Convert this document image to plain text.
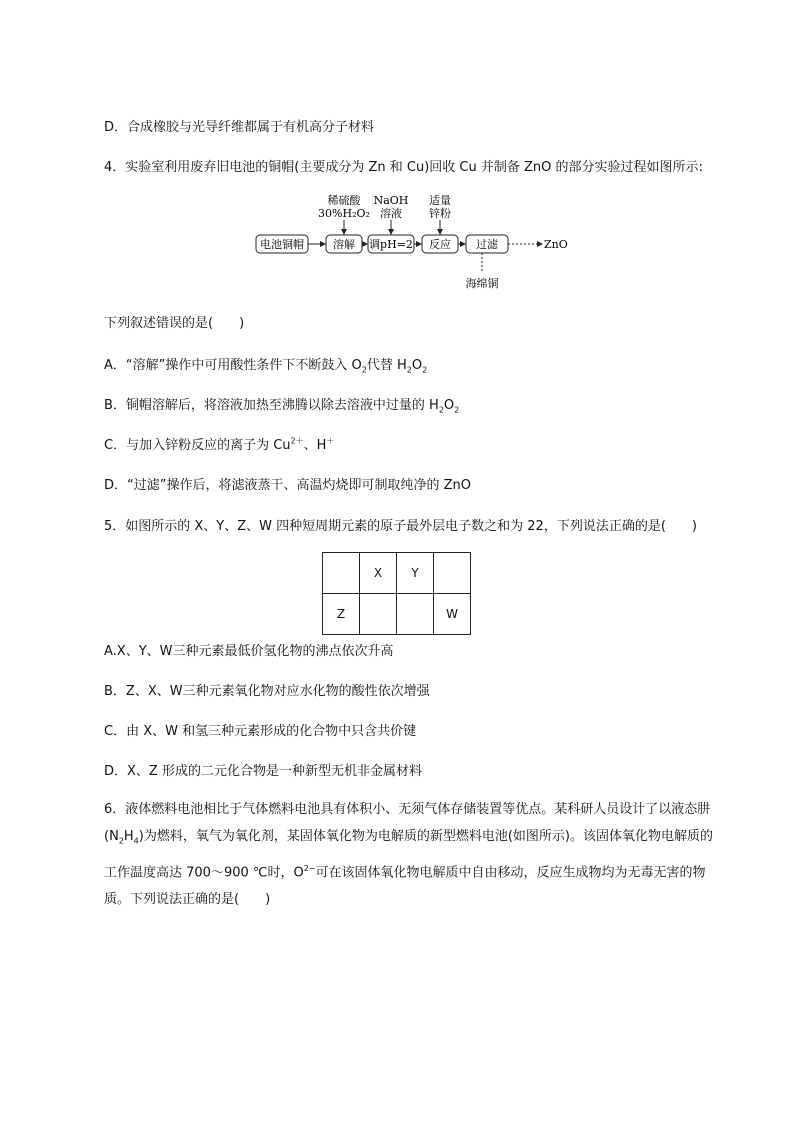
D．合成橡胶与光导纤维都属于有机高分子材料
4．实验室利用废弃旧电池的铜帽(主要成分为 Zn 和 Cu)回收 Cu 并制备 ZnO 的部分实验过程如图所示:
稀硫酸
30%H₂O₂
NaOH
溶液
适量
锌粉
电池铜帽	溶解 调pH=2 反应 过滤	ZnO
海绵铜
下列叙述错误的是(　　)
A．“溶解”操作中可用酸性条件下不断鼓入 $O_2$代替 $H_2O_2$
B．铜帽溶解后，将溶液加热至沸腾以除去溶液中过量的 $H_2O_2$
C．与加入锌粉反应的离子为 $Cu^{2+}$、H＋
D．“过滤”操作后，将滤液蒸干、高温灼烧即可制取纯净的 ZnO
5．如图所示的 X、Y、Z、W 四种短周期元素的原子最外层电子数之和为 22，下列说法正确的是(　　)
	X	Y	
Z			W
A.X、Y、W三种元素最低价氢化物的沸点依次升高
B．Z、X、W三种元素氧化物对应水化物的酸性依次增强
C．由 X、W 和氢三种元素形成的化合物中只含共价键
D．X、Z 形成的二元化合物是一种新型无机非金属材料
6．液体燃料电池相比于气体燃料电池具有体积小、无须气体存储装置等优点。某科研人员设计了以液态肼$(N_2H_4)$为燃料，氧气为氧化剂，某固体氧化物为电解质的新型燃料电池(如图所示)。该固体氧化物电解质的工作温度高达 700～900 ℃时，$O^{2-}$可在该固体氧化物电解质中自由移动，反应生成物均为无毒无害的物质。下列说法正确的是(　　)
